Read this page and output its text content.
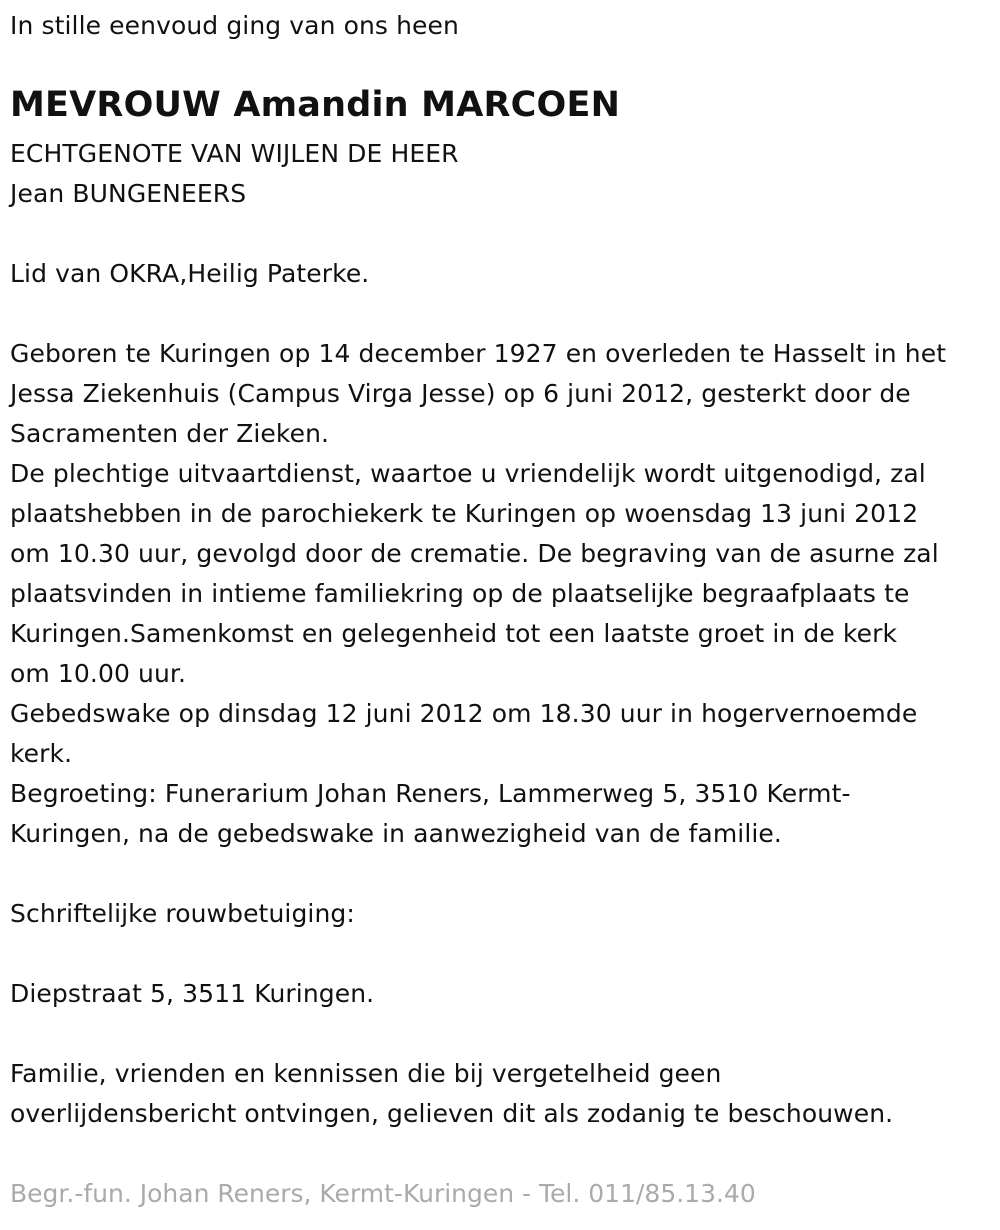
In stille eenvoud ging van ons heen
MEVROUW Amandin MARCOEN
ECHTGENOTE VAN WIJLEN DE HEER
Jean BUNGENEERS
Lid van OKRA,Heilig Paterke.
Geboren te Kuringen op 14 december 1927 en overleden te Hasselt in het
Jessa Ziekenhuis (Campus Virga Jesse) op 6 juni 2012, gesterkt door de
Sacramenten der Zieken.
De plechtige uitvaartdienst, waartoe u vriendelijk wordt uitgenodigd, zal
plaatshebben in de parochiekerk te Kuringen op woensdag 13 juni 2012
om 10.30 uur, gevolgd door de crematie. De begraving van de asurne zal
plaatsvinden in intieme familiekring op de plaatselijke begraafplaats te
Kuringen.Samenkomst en gelegenheid tot een laatste groet in de kerk
om 10.00 uur.
Gebedswake op dinsdag 12 juni 2012 om 18.30 uur in hogervernoemde
kerk.
Begroeting: Funerarium Johan Reners, Lammerweg 5, 3510 Kermt-
Kuringen, na de gebedswake in aanwezigheid van de familie.
Schriftelijke rouwbetuiging:
Diepstraat 5, 3511 Kuringen.
Familie, vrienden en kennissen die bij vergetelheid geen
overlijdensbericht ontvingen, gelieven dit als zodanig te beschouwen.
Begr.-fun. Johan Reners, Kermt-Kuringen - Tel. 011/85.13.40
